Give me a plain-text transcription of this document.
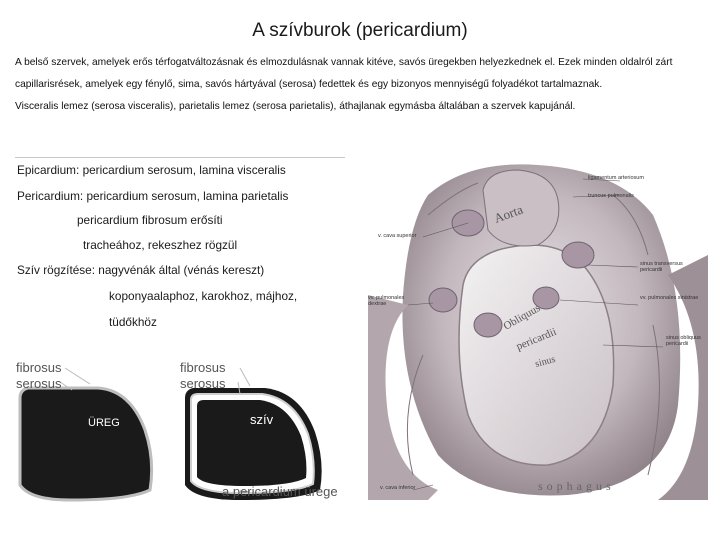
A szívburok (pericardium)

A belső szervek, amelyek erős térfogatváltozásnak és elmozdulásnak vannak kitéve, savós üregekben helyezkednek el. Ezek minden oldalról zárt capillarisrések, amelyek egy fénylő, sima, savós hártyával (serosa) fedettek és egy bizonyos mennyiségű folyadékot tartalmaznak.

Visceralis lemez (serosa visceralis), parietalis lemez (serosa parietalis), áthajlanak egymásba általában a szervek kapujánál.

Epicardium: pericardium serosum, lamina visceralis
Pericardium: pericardium serosum, lamina parietalis
pericardium fibrosum erősíti
tracheához, rekeszhez rögzül
Szív rögzítése: nagyvénák által (vénás kereszt)
koponyaalaphoz, karokhoz, májhoz,
tüdőkhöz
fibrosus
serosus
ÜREG
fibrosus
serosus
szív
a pericardium ürege
Aorta
Obliquus
pericardii
sinus
sophagus
ligamentum arteriosum
truncus pulmonalis
v. cava superior
sinus transversus pericardii
vv. pulmonales dextrae
vv. pulmonales sinistrae
sinus obliquus pericardii
v. cava inferior
